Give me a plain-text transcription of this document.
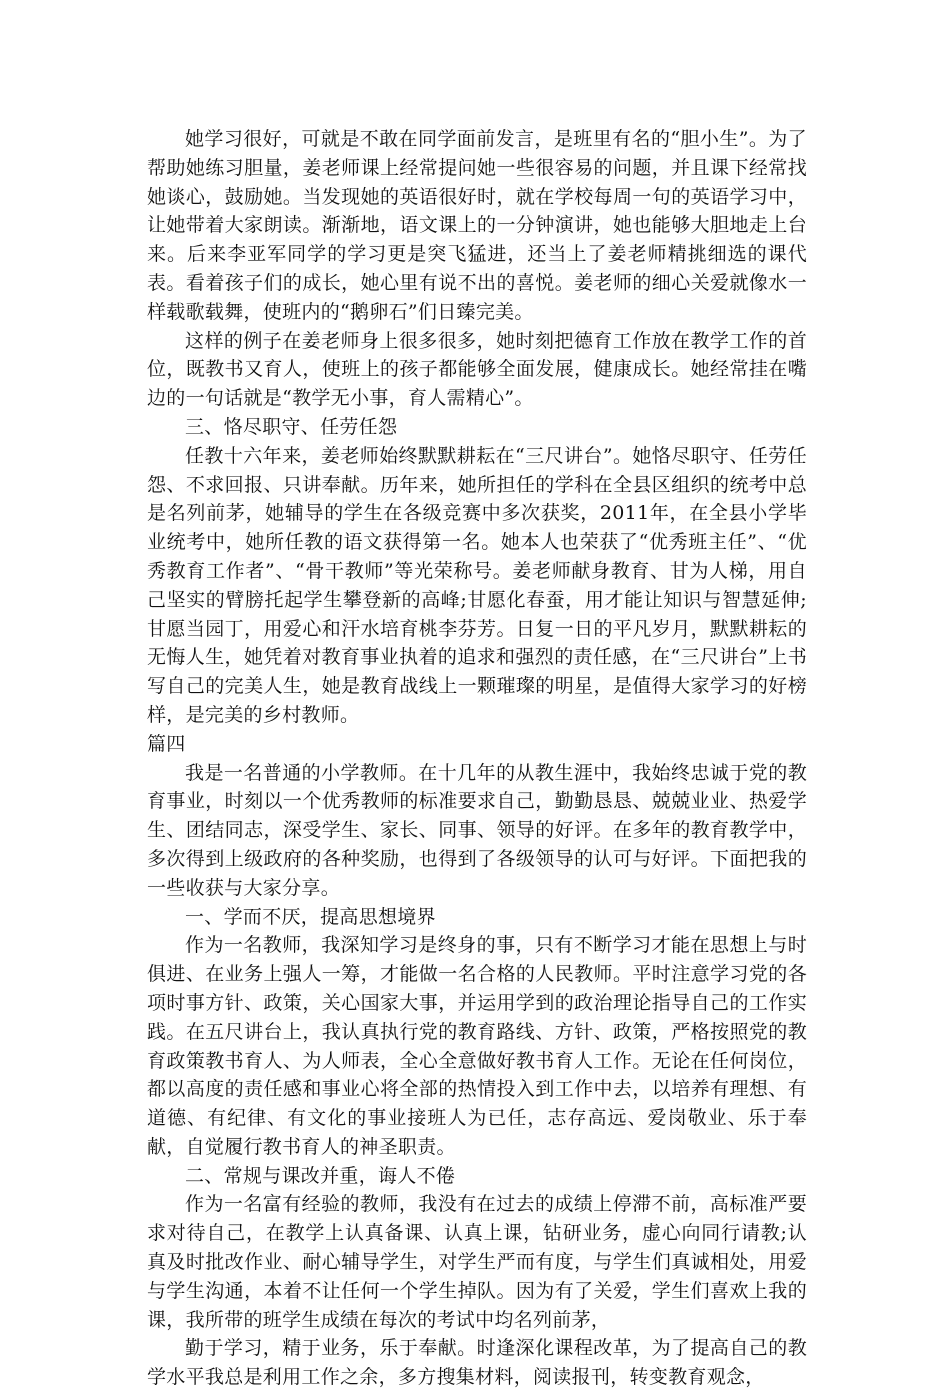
她学习很好，可就是不敢在同学面前发言，是班里有名的“胆小生”。为了帮助她练习胆量，姜老师课上经常提问她一些很容易的问题，并且课下经常找她谈心，鼓励她。当发现她的英语很好时，就在学校每周一句的英语学习中，让她带着大家朗读。渐渐地，语文课上的一分钟演讲，她也能够大胆地走上台来。后来李亚军同学的学习更是突飞猛进，还当上了姜老师精挑细选的课代表。看着孩子们的成长，她心里有说不出的喜悦。姜老师的细心关爱就像水一样载歌载舞，使班内的“鹅卵石”们日臻完美。

这样的例子在姜老师身上很多很多，她时刻把德育工作放在教学工作的首位，既教书又育人，使班上的孩子都能够全面发展，健康成长。她经常挂在嘴边的一句话就是“教学无小事，育人需精心”。

三、恪尽职守、任劳任怨

任教十六年来，姜老师始终默默耕耘在“三尺讲台”。她恪尽职守、任劳任怨、不求回报、只讲奉献。历年来，她所担任的学科在全县区组织的统考中总是名列前茅，她辅导的学生在各级竞赛中多次获奖，2011年，在全县小学毕业统考中，她所任教的语文获得第一名。她本人也荣获了“优秀班主任”、“优秀教育工作者”、“骨干教师”等光荣称号。姜老师献身教育、甘为人梯，用自己坚实的臂膀托起学生攀登新的高峰;甘愿化春蚕，用才能让知识与智慧延伸;甘愿当园丁，用爱心和汗水培育桃李芬芳。日复一日的平凡岁月，默默耕耘的无悔人生，她凭着对教育事业执着的追求和强烈的责任感，在“三尺讲台”上书写自己的完美人生，她是教育战线上一颗璀璨的明星，是值得大家学习的好榜样，是完美的乡村教师。

篇四

我是一名普通的小学教师。在十几年的从教生涯中，我始终忠诚于党的教育事业，时刻以一个优秀教师的标准要求自己，勤勤恳恳、兢兢业业、热爱学生、团结同志，深受学生、家长、同事、领导的好评。在多年的教育教学中，多次得到上级政府的各种奖励，也得到了各级领导的认可与好评。下面把我的一些收获与大家分享。

一、学而不厌，提高思想境界

作为一名教师，我深知学习是终身的事，只有不断学习才能在思想上与时俱进、在业务上强人一筹，才能做一名合格的人民教师。平时注意学习党的各项时事方针、政策，关心国家大事，并运用学到的政治理论指导自己的工作实践。在五尺讲台上，我认真执行党的教育路线、方针、政策，严格按照党的教育政策教书育人、为人师表，全心全意做好教书育人工作。无论在任何岗位，都以高度的责任感和事业心将全部的热情投入到工作中去，以培养有理想、有道德、有纪律、有文化的事业接班人为已任，志存高远、爱岗敬业、乐于奉献，自觉履行教书育人的神圣职责。

二、常规与课改并重，诲人不倦

作为一名富有经验的教师，我没有在过去的成绩上停滞不前，高标准严要求对待自己，在教学上认真备课、认真上课，钻研业务，虚心向同行请教;认真及时批改作业、耐心辅导学生，对学生严而有度，与学生们真诚相处，用爱与学生沟通，本着不让任何一个学生掉队。因为有了关爱，学生们喜欢上我的课，我所带的班学生成绩在每次的考试中均名列前茅，

勤于学习，精于业务，乐于奉献。时逢深化课程改革，为了提高自己的教学水平我总是利用工作之余，多方搜集材料，阅读报刊，转变教育观念，
